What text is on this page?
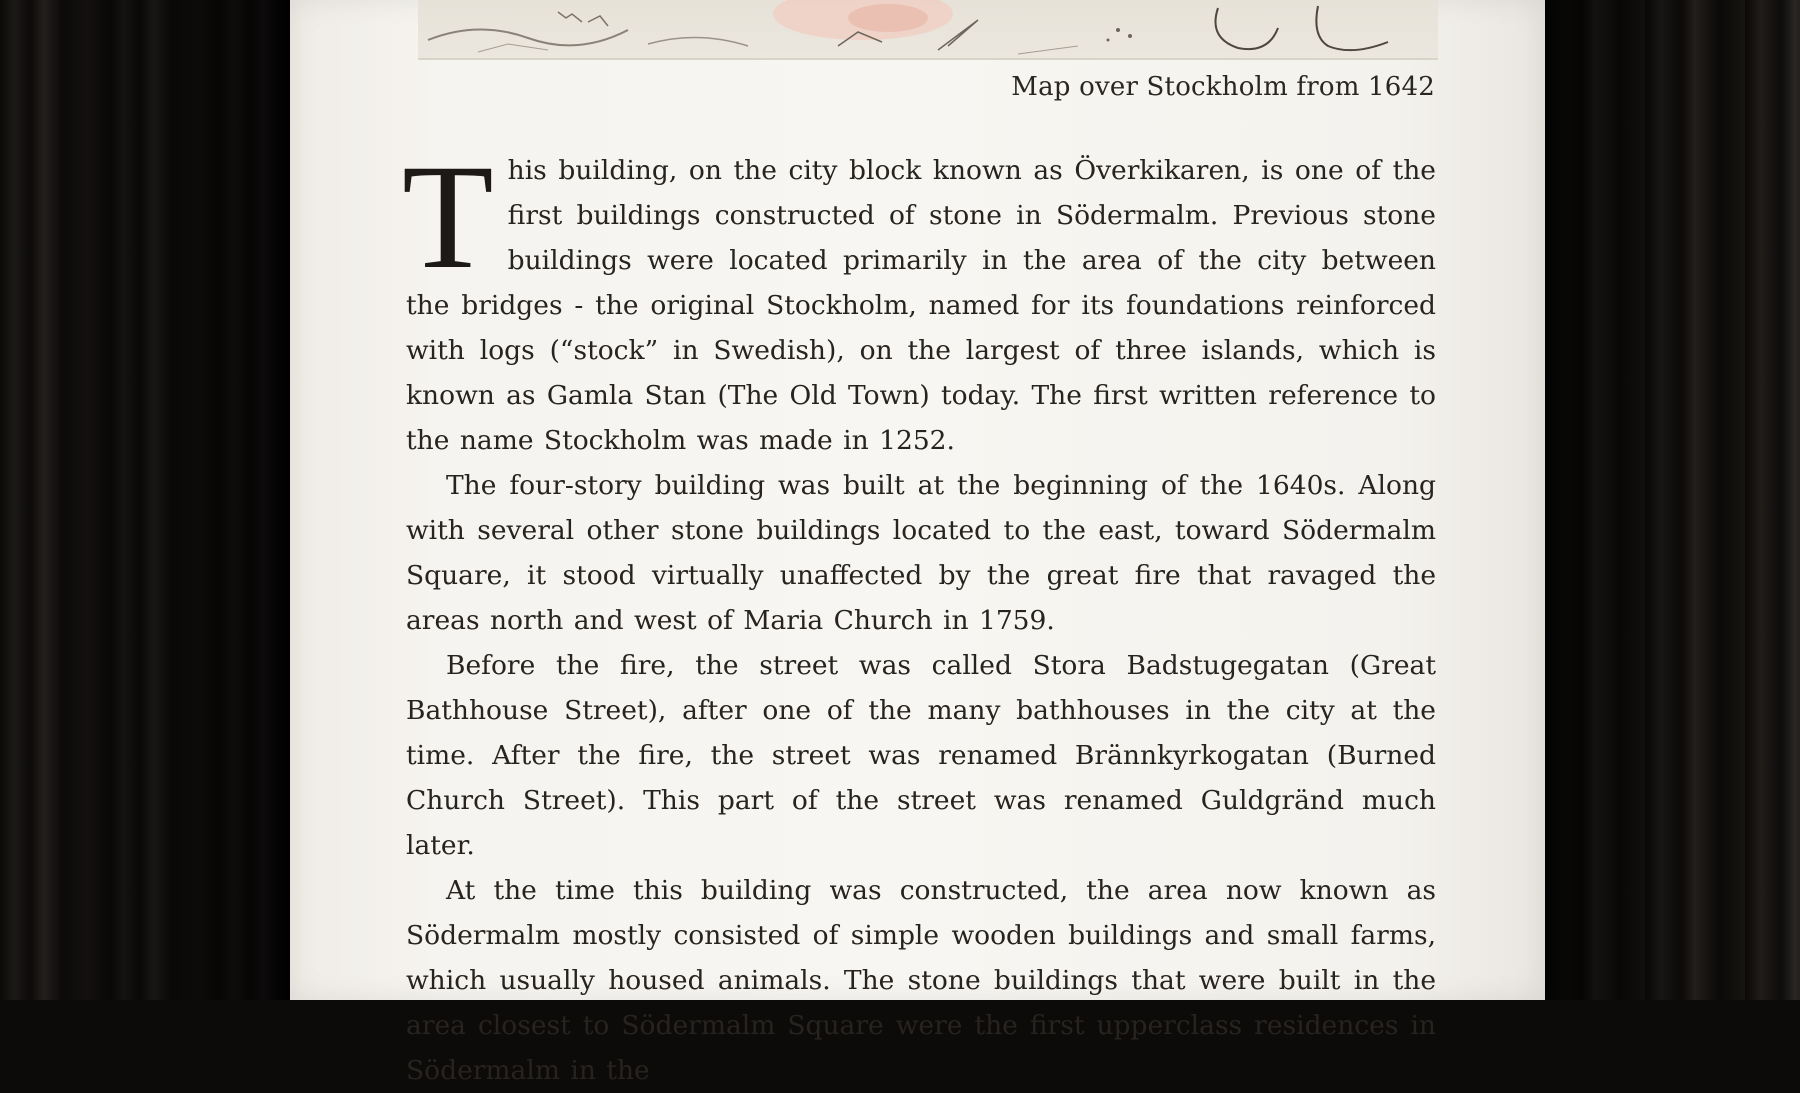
Map over Stockholm from 1642

This building, on the city block known as Överkikaren, is one of the first buildings constructed of stone in Södermalm. Previous stone buildings were located primarily in the area of the city between the bridges - the original Stockholm, named for its foundations reinforced with logs (“stock” in Swedish), on the largest of three islands, which is known as Gamla Stan (The Old Town) today. The first written reference to the name Stockholm was made in 1252.

The four-story building was built at the beginning of the 1640s. Along with several other stone buildings located to the east, toward Södermalm Square, it stood virtually unaffected by the great fire that ravaged the areas north and west of Maria Church in 1759.

Before the fire, the street was called Stora Badstugegatan (Great Bathhouse Street), after one of the many bathhouses in the city at the time. After the fire, the street was renamed Brännkyrkogatan (Burned Church Street). This part of the street was renamed Guldgränd much later.

At the time this building was constructed, the area now known as Södermalm mostly consisted of simple wooden buildings and small farms, which usually housed animals. The stone buildings that were built in the area closest to Södermalm Square were the first upperclass residences in Södermalm in the
